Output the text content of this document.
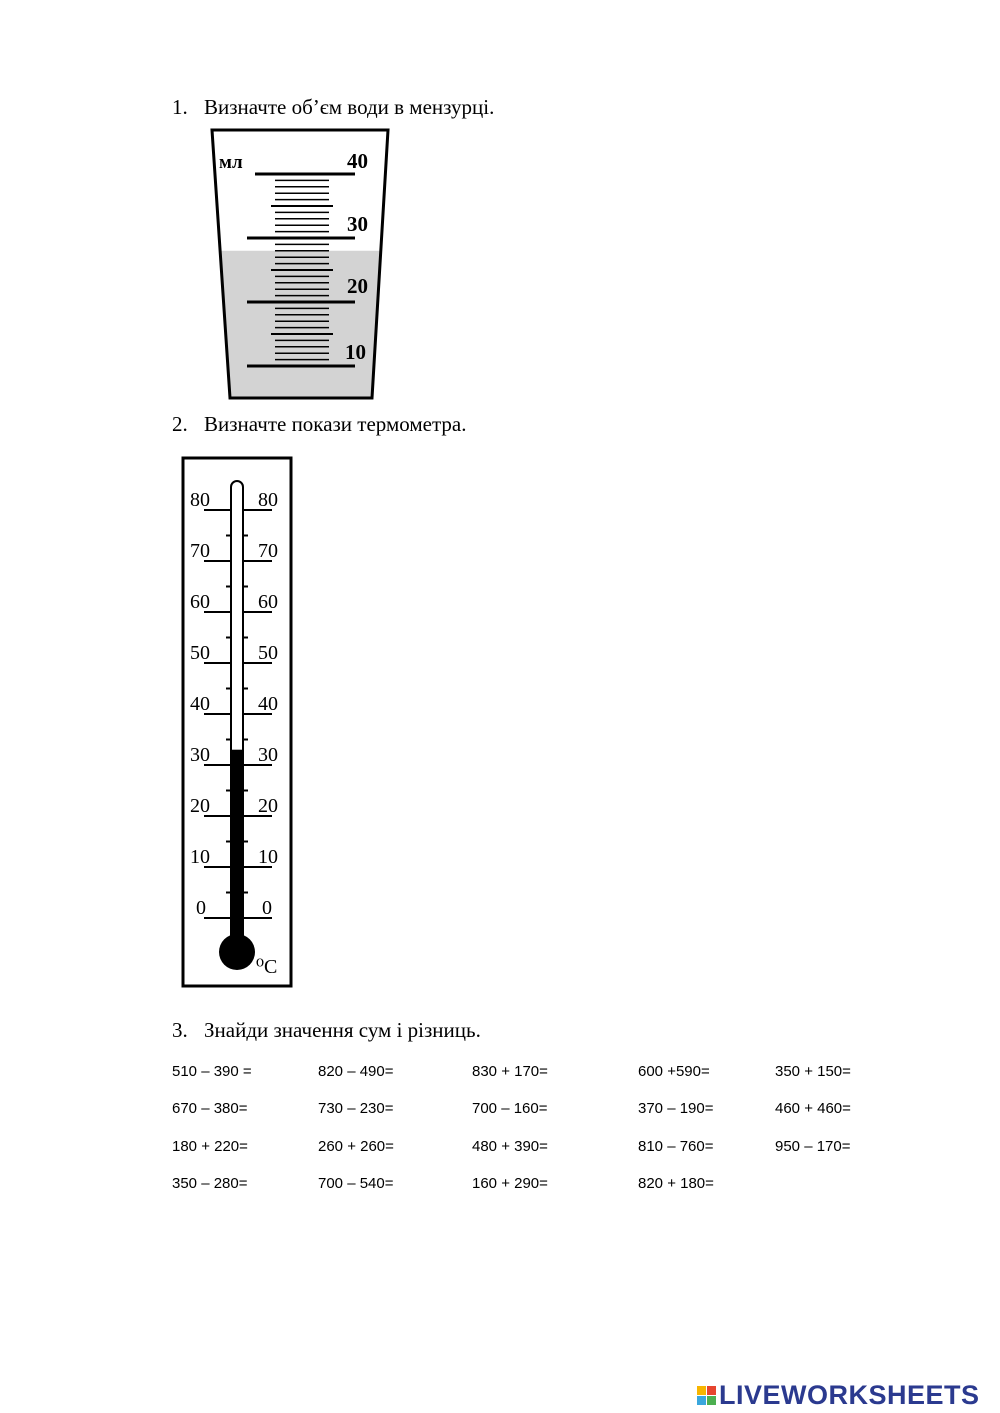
1. Визначте об’єм води в мензурці.
мл	40
30
20
10
2. Визначте покази термометра.
80
70
60
50
40
30
20
10
0
80
70
60
50
40
30
20
10
0
⁰C
3. Знайди значення сум і різниць.

510 – 390 =	820 – 490=	830 + 170=	600 +590=	350 + 150=

670 – 380=	730 – 230=	700 – 160=	370 – 190=	460 + 460=

180 + 220=	260 + 260=	480 + 390=	810 – 760=	950 – 170=

350 – 280=	700 – 540=	160 + 290=	820 + 180=

LIVEWORKSHEETS
